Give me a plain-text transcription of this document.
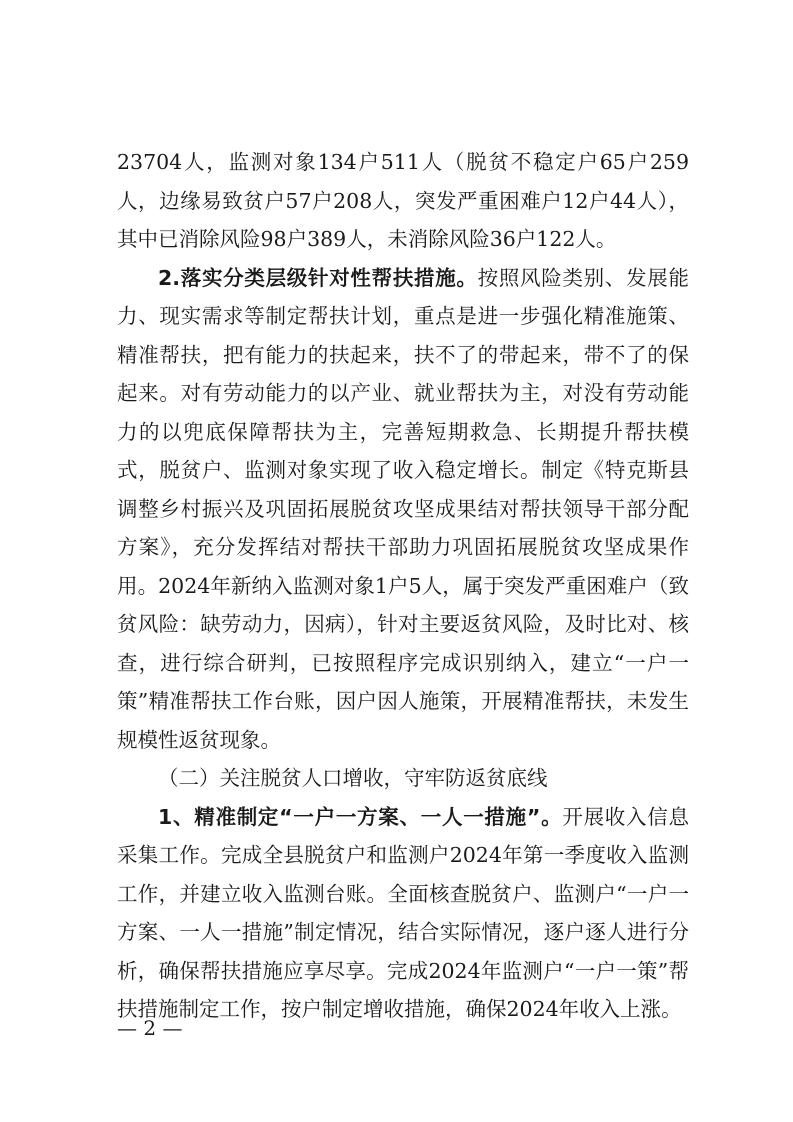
23704人，监测对象134户511人（脱贫不稳定户65户259人，边缘易致贫户57户208人，突发严重困难户12户44人），其中已消除风险98户389人，未消除风险36户122人。

2.落实分类层级针对性帮扶措施。按照风险类别、发展能力、现实需求等制定帮扶计划，重点是进一步强化精准施策、精准帮扶，把有能力的扶起来，扶不了的带起来，带不了的保起来。对有劳动能力的以产业、就业帮扶为主，对没有劳动能力的以兜底保障帮扶为主，完善短期救急、长期提升帮扶模式，脱贫户、监测对象实现了收入稳定增长。制定《特克斯县调整乡村振兴及巩固拓展脱贫攻坚成果结对帮扶领导干部分配方案》，充分发挥结对帮扶干部助力巩固拓展脱贫攻坚成果作用。2024年新纳入监测对象1户5人，属于突发严重困难户（致贫风险：缺劳动力，因病），针对主要返贫风险，及时比对、核查，进行综合研判，已按照程序完成识别纳入，建立“一户一策”精准帮扶工作台账，因户因人施策，开展精准帮扶，未发生规模性返贫现象。

（二）关注脱贫人口增收，守牢防返贫底线

1、精准制定“一户一方案、一人一措施”。开展收入信息采集工作。完成全县脱贫户和监测户2024年第一季度收入监测工作，并建立收入监测台账。全面核查脱贫户、监测户“一户一方案、一人一措施”制定情况，结合实际情况，逐户逐人进行分析，确保帮扶措施应享尽享。完成2024年监测户“一户一策”帮扶措施制定工作，按户制定增收措施，确保2024年收入上涨。

— 2 —
